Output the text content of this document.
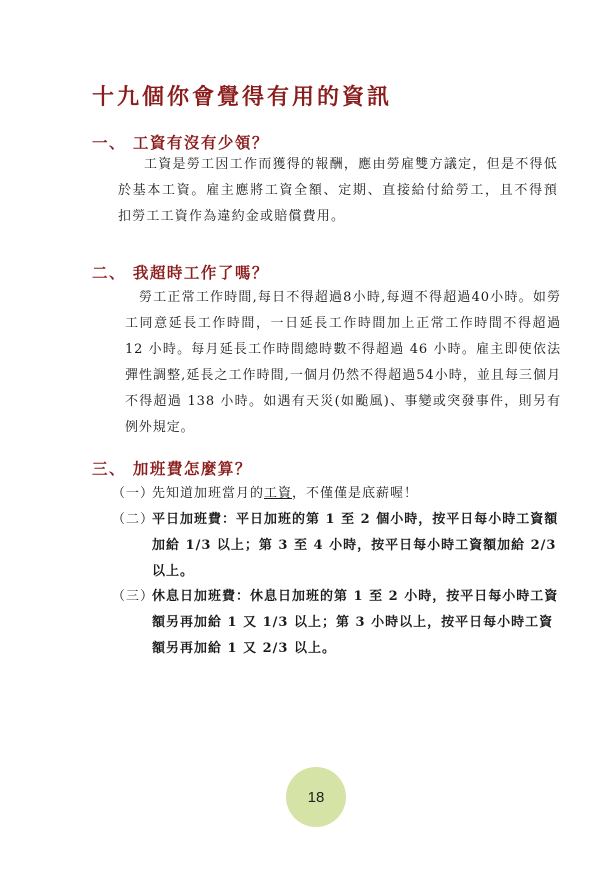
十九個你會覺得有用的資訊
一、 工資有沒有少領？

工資是勞工因工作而獲得的報酬，應由勞雇雙方議定，但是不得低於基本工資。雇主應將工資全額、定期、直接給付給勞工，且不得預扣勞工工資作為違約金或賠償費用。

二、 我超時工作了嗎？

勞工正常工作時間,每日不得超過8小時,每週不得超過40小時。如勞工同意延長工作時間，一日延長工作時間加上正常工作時間不得超過 12 小時。每月延長工作時間總時數不得超過 46 小時。雇主即使依法彈性調整,延長之工作時間,一個月仍然不得超過54小時，並且每三個月不得超過 138 小時。如遇有天災(如颱風)、事變或突發事件，則另有例外規定。

三、 加班費怎麼算？
（一）
先知道加班當月的工資，不僅僅是底薪喔！
（二）
平日加班費：平日加班的第 1 至 2 個小時，按平日每小時工資額加給 1/3 以上；第 3 至 4 小時，按平日每小時工資額加給 2/3 以上。
（三）
休息日加班費：休息日加班的第 1 至 2 小時，按平日每小時工資額另再加給 1 又 1/3 以上；第 3 小時以上，按平日每小時工資額另再加給 1 又 2/3 以上。
18
